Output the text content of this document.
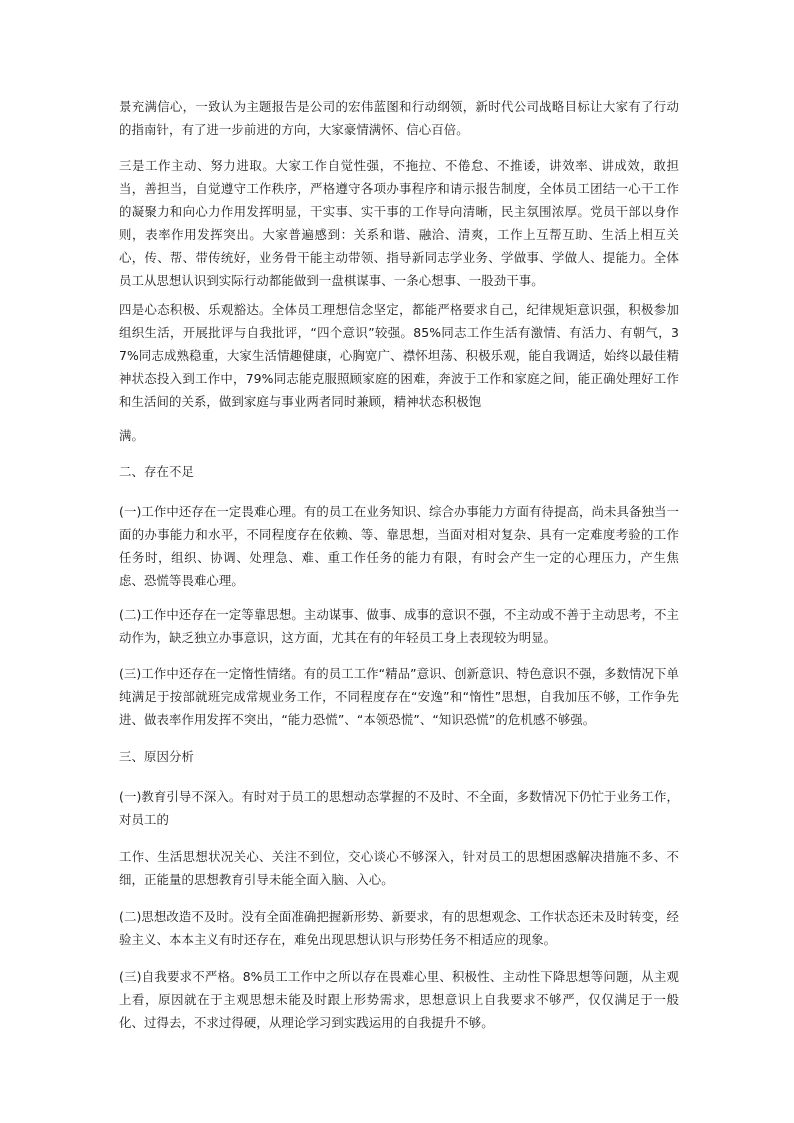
景充满信心，一致认为主题报告是公司的宏伟蓝图和行动纲领，新时代公司战略目标让大家有了行动的指南针，有了进一步前进的方向，大家豪情满怀、信心百倍。

三是工作主动、努力进取。大家工作自觉性强，不拖拉、不倦怠、不推诿，讲效率、讲成效，敢担当，善担当，自觉遵守工作秩序，严格遵守各项办事程序和请示报告制度，全体员工团结一心干工作的凝聚力和向心力作用发挥明显，干实事、实干事的工作导向清晰，民主氛围浓厚。党员干部以身作则，表率作用发挥突出。大家普遍感到：关系和谐、融洽、清爽，工作上互帮互助、生活上相互关心，传、帮、带传统好，业务骨干能主动带领、指导新同志学业务、学做事、学做人、提能力。全体员工从思想认识到实际行动都能做到一盘棋谋事、一条心想事、一股劲干事。

四是心态积极、乐观豁达。全体员工理想信念坚定，都能严格要求自己，纪律规矩意识强，积极参加组织生活，开展批评与自我批评，“四个意识”较强。85%同志工作生活有激情、有活力、有朝气，37%同志成熟稳重，大家生活情趣健康，心胸宽广、襟怀坦荡、积极乐观，能自我调适，始终以最佳精神状态投入到工作中，79%同志能克服照顾家庭的困难，奔波于工作和家庭之间，能正确处理好工作和生活间的关系，做到家庭与事业两者同时兼顾，精神状态积极饱

满。

二、存在不足

(一)工作中还存在一定畏难心理。有的员工在业务知识、综合办事能力方面有待提高，尚未具备独当一面的办事能力和水平，不同程度存在依赖、等、靠思想，当面对相对复杂、具有一定难度考验的工作任务时，组织、协调、处理急、难、重工作任务的能力有限，有时会产生一定的心理压力，产生焦虑、恐慌等畏难心理。

(二)工作中还存在一定等靠思想。主动谋事、做事、成事的意识不强，不主动或不善于主动思考，不主动作为，缺乏独立办事意识，这方面，尤其在有的年轻员工身上表现较为明显。

(三)工作中还存在一定惰性情绪。有的员工工作“精品”意识、创新意识、特色意识不强，多数情况下单纯满足于按部就班完成常规业务工作，不同程度存在“安逸”和“惰性”思想，自我加压不够，工作争先进、做表率作用发挥不突出，“能力恐慌”、“本领恐慌”、“知识恐慌”的危机感不够强。

三、原因分析

(一)教育引导不深入。有时对于员工的思想动态掌握的不及时、不全面，多数情况下仍忙于业务工作，对员工的

工作、生活思想状况关心、关注不到位，交心谈心不够深入，针对员工的思想困惑解决措施不多、不细，正能量的思想教育引导未能全面入脑、入心。

(二)思想改造不及时。没有全面准确把握新形势、新要求，有的思想观念、工作状态还未及时转变，经验主义、本本主义有时还存在，难免出现思想认识与形势任务不相适应的现象。

(三)自我要求不严格。8%员工工作中之所以存在畏难心里、积极性、主动性下降思想等问题，从主观上看，原因就在于主观思想未能及时跟上形势需求，思想意识上自我要求不够严，仅仅满足于一般化、过得去，不求过得硬，从理论学习到实践运用的自我提升不够。
